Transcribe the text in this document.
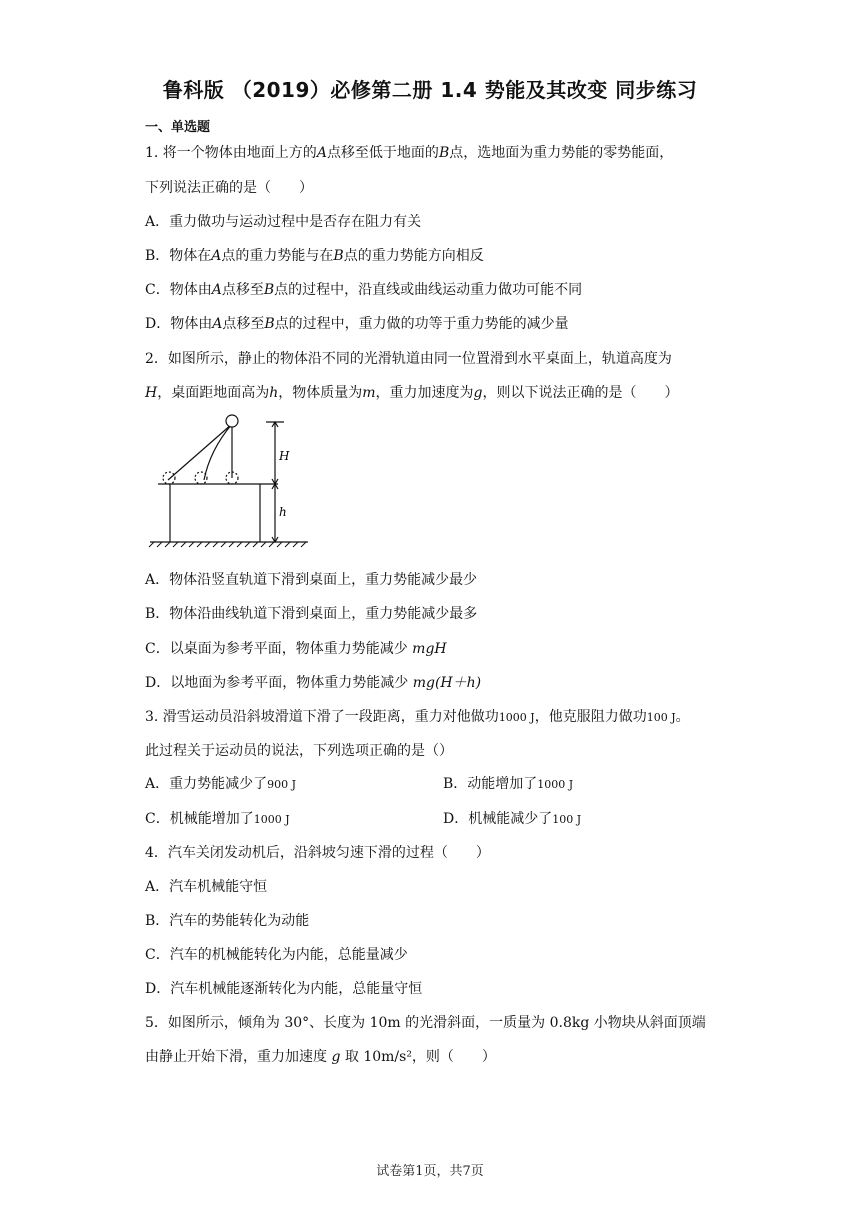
鲁科版 （2019）必修第二册 1.4 势能及其改变 同步练习
一、单选题
1. 将一个物体由地面上方的A点移至低于地面的B点，选地面为重力势能的零势能面，
下列说法正确的是（　　）
A．重力做功与运动过程中是否存在阻力有关
B．物体在A点的重力势能与在B点的重力势能方向相反
C．物体由A点移至B点的过程中，沿直线或曲线运动重力做功可能不同
D．物体由A点移至B点的过程中，重力做的功等于重力势能的减少量
2．如图所示，静止的物体沿不同的光滑轨道由同一位置滑到水平桌面上，轨道高度为
H，桌面距地面高为h，物体质量为m，重力加速度为g，则以下说法正确的是（　　）
H
h
A．物体沿竖直轨道下滑到桌面上，重力势能减少最少
B．物体沿曲线轨道下滑到桌面上，重力势能减少最多
C．以桌面为参考平面，物体重力势能减少 mgH
D．以地面为参考平面，物体重力势能减少 mg(H＋h)
3. 滑雪运动员沿斜坡滑道下滑了一段距离，重力对他做功1000 J，他克服阻力做功100 J。
此过程关于运动员的说法，下列选项正确的是（）
A．重力势能减少了900 J	B．动能增加了1000 J
C．机械能增加了1000 J	D．机械能减少了100 J
4．汽车关闭发动机后，沿斜坡匀速下滑的过程（　　）
A．汽车机械能守恒
B．汽车的势能转化为动能
C．汽车的机械能转化为内能，总能量减少
D．汽车机械能逐渐转化为内能，总能量守恒
5．如图所示，倾角为 30°、长度为 10m 的光滑斜面，一质量为 0.8kg 小物块从斜面顶端
由静止开始下滑，重力加速度 g 取 10m/s²，则（　　）
试卷第1页，共7页
